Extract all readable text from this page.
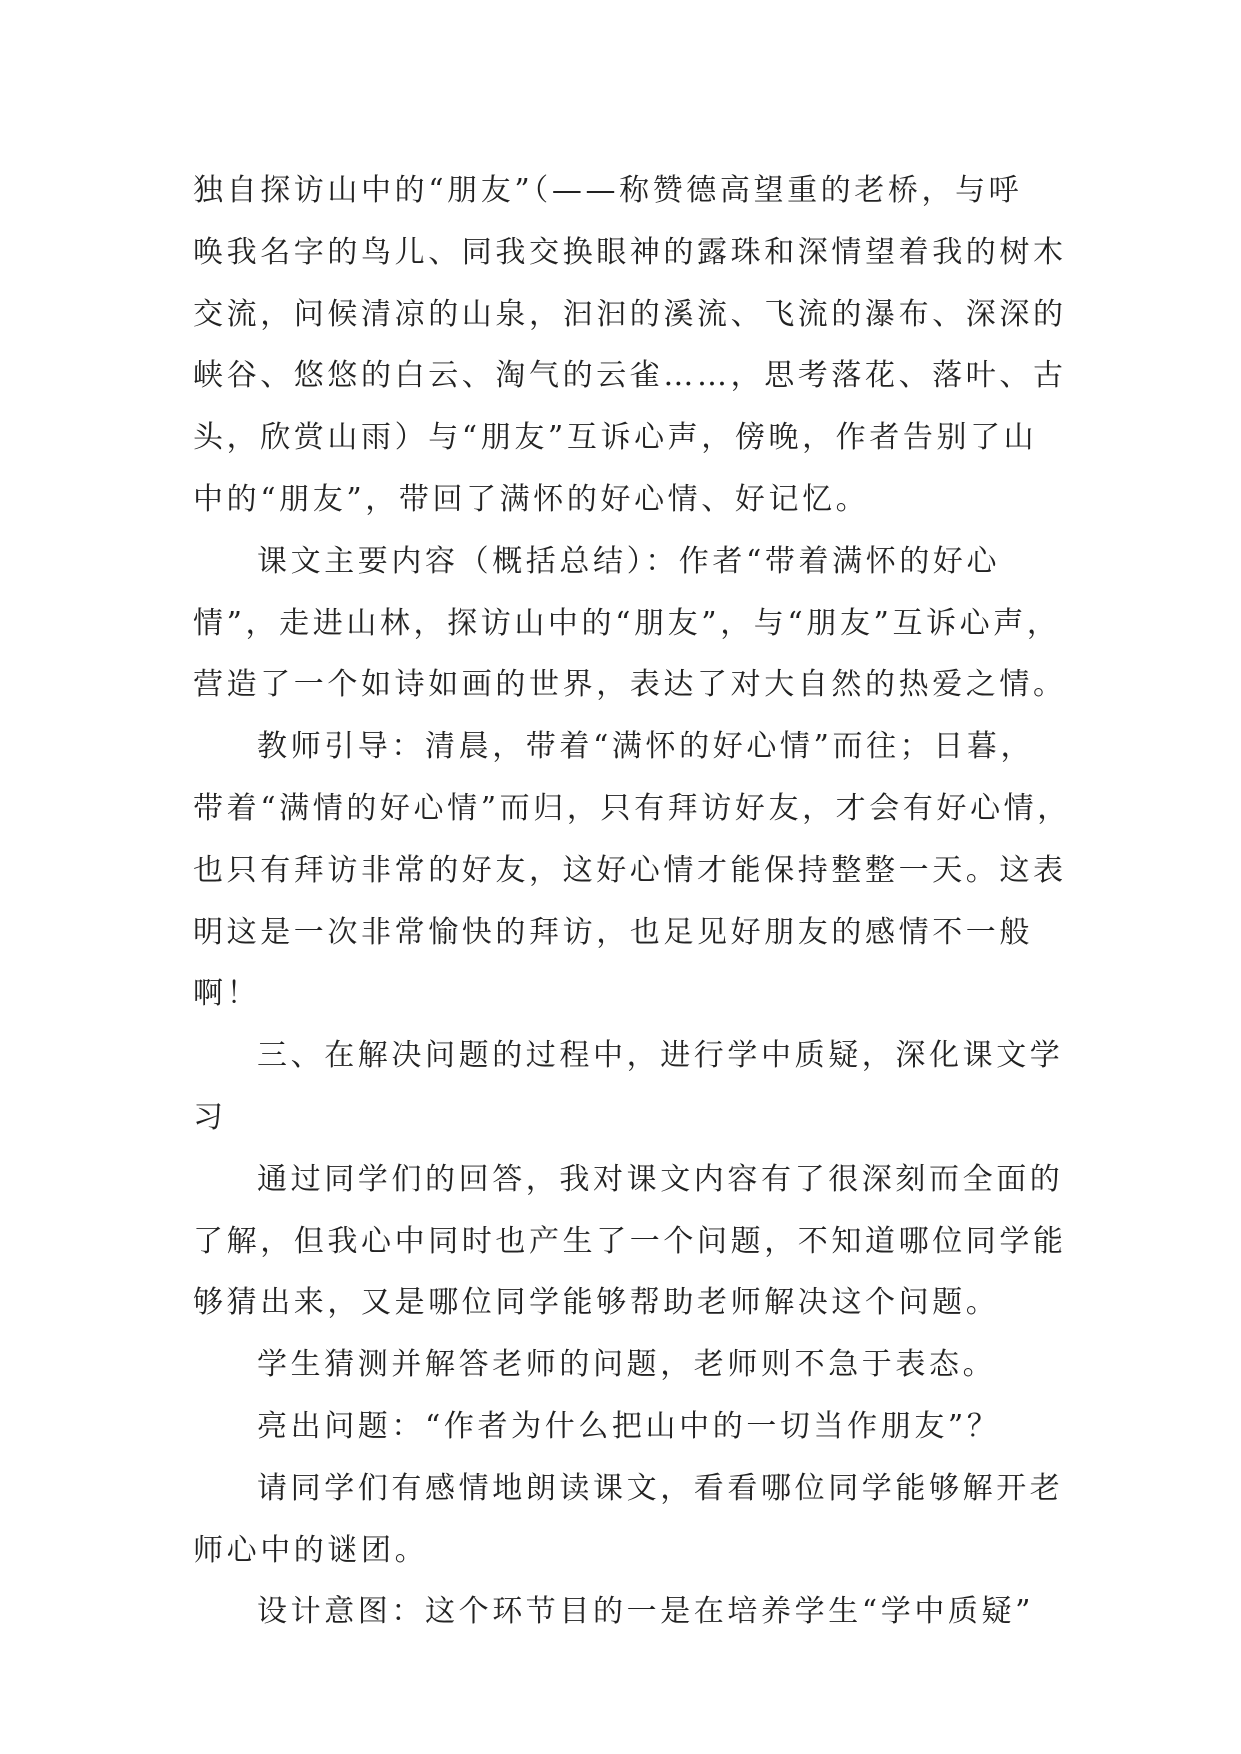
独自探访山中的“朋友”（——称赞德高望重的老桥，与呼
唤我名字的鸟儿、同我交换眼神的露珠和深情望着我的树木
交流，问候清凉的山泉，汩汩的溪流、飞流的瀑布、深深的
峡谷、悠悠的白云、淘气的云雀……，思考落花、落叶、古
头，欣赏山雨）与“朋友”互诉心声，傍晚，作者告别了山
中的“朋友”，带回了满怀的好心情、好记忆。
课文主要内容（概括总结）：作者“带着满怀的好心
情”，走进山林，探访山中的“朋友”，与“朋友”互诉心声，
营造了一个如诗如画的世界，表达了对大自然的热爱之情。
教师引导：清晨，带着“满怀的好心情”而往；日暮，
带着“满情的好心情”而归，只有拜访好友，才会有好心情，
也只有拜访非常的好友，这好心情才能保持整整一天。这表
明这是一次非常愉快的拜访，也足见好朋友的感情不一般
啊！
三、在解决问题的过程中，进行学中质疑，深化课文学
习
通过同学们的回答，我对课文内容有了很深刻而全面的
了解，但我心中同时也产生了一个问题，不知道哪位同学能
够猜出来，又是哪位同学能够帮助老师解决这个问题。
学生猜测并解答老师的问题，老师则不急于表态。
亮出问题：“作者为什么把山中的一切当作朋友”？
请同学们有感情地朗读课文，看看哪位同学能够解开老
师心中的谜团。
设计意图：这个环节目的一是在培养学生“学中质疑”
